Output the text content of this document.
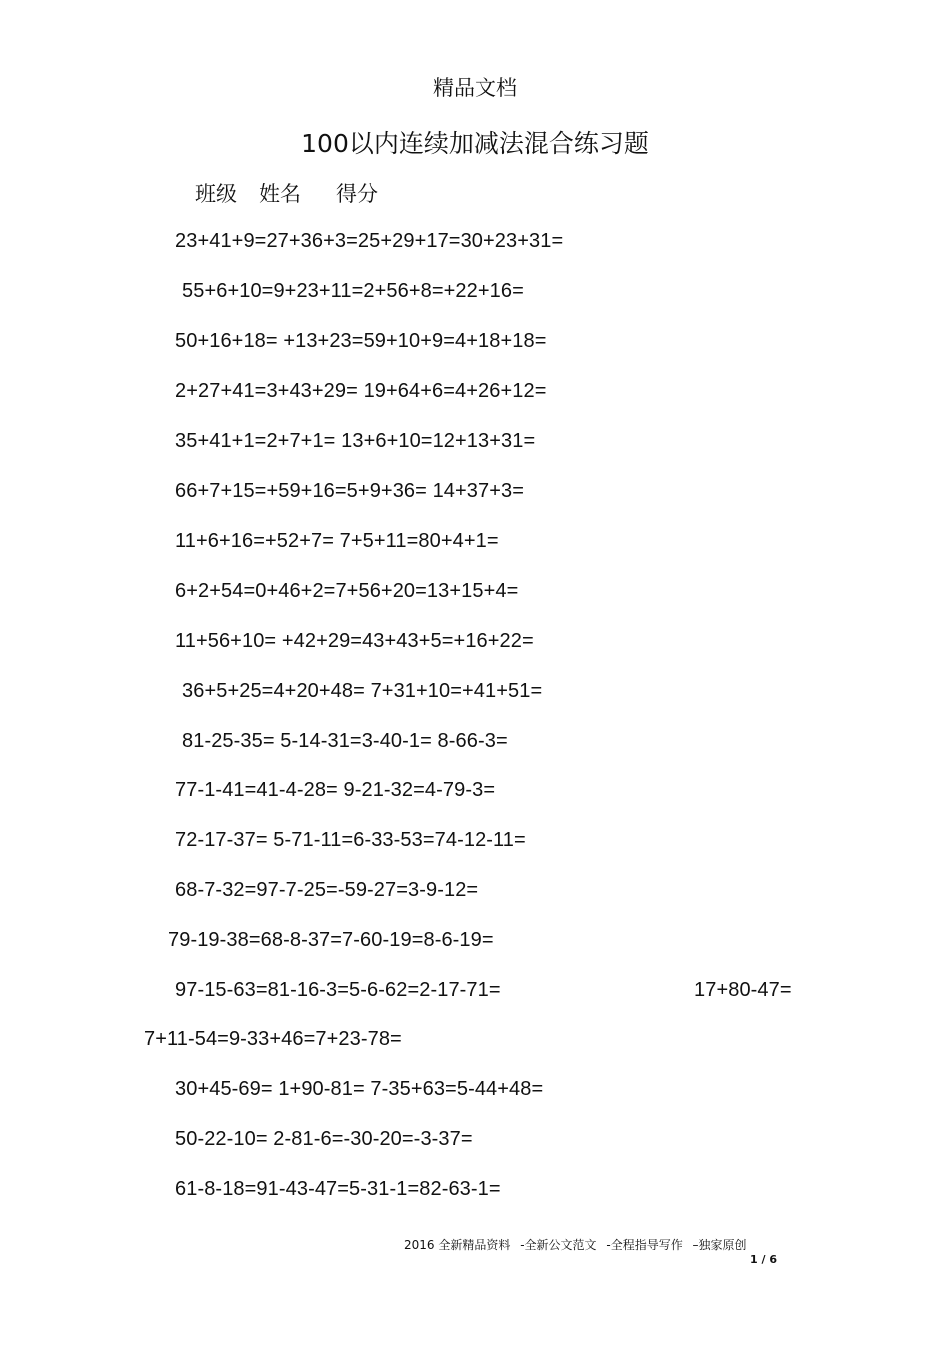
精品文档
100以内连续加减法混合练习题
班级 姓名 得分
23+41+9=27+36+3=25+29+17=30+23+31=
55+6+10=9+23+11=2+56+8=+22+16=
50+16+18= +13+23=59+10+9=4+18+18=
2+27+41=3+43+29= 19+64+6=4+26+12=
35+41+1=2+7+1= 13+6+10=12+13+31=
66+7+15=+59+16=5+9+36= 14+37+3=
11+6+16=+52+7= 7+5+11=80+4+1=
6+2+54=0+46+2=7+56+20=13+15+4=
11+56+10= +42+29=43+43+5=+16+22=
36+5+25=4+20+48= 7+31+10=+41+51=
81-25-35= 5-14-31=3-40-1= 8-66-3=
77-1-41=41-4-28= 9-21-32=4-79-3=
72-17-37= 5-71-11=6-33-53=74-12-11=
68-7-32=97-7-25=-59-27=3-9-12=
79-19-38=68-8-37=7-60-19=8-6-19=
97-15-63=81-16-3=5-6-62=2-17-71=	17+80-47=
7+11-54=9-33+46=7+23-78=
30+45-69= 1+90-81= 7-35+63=5-44+48=
50-22-10= 2-81-6=-30-20=-3-37=
61-8-18=91-43-47=5-31-1=82-63-1=
2016 全新精品资料 -全新公文范文 -全程指导写作 –独家原创
1 / 6
